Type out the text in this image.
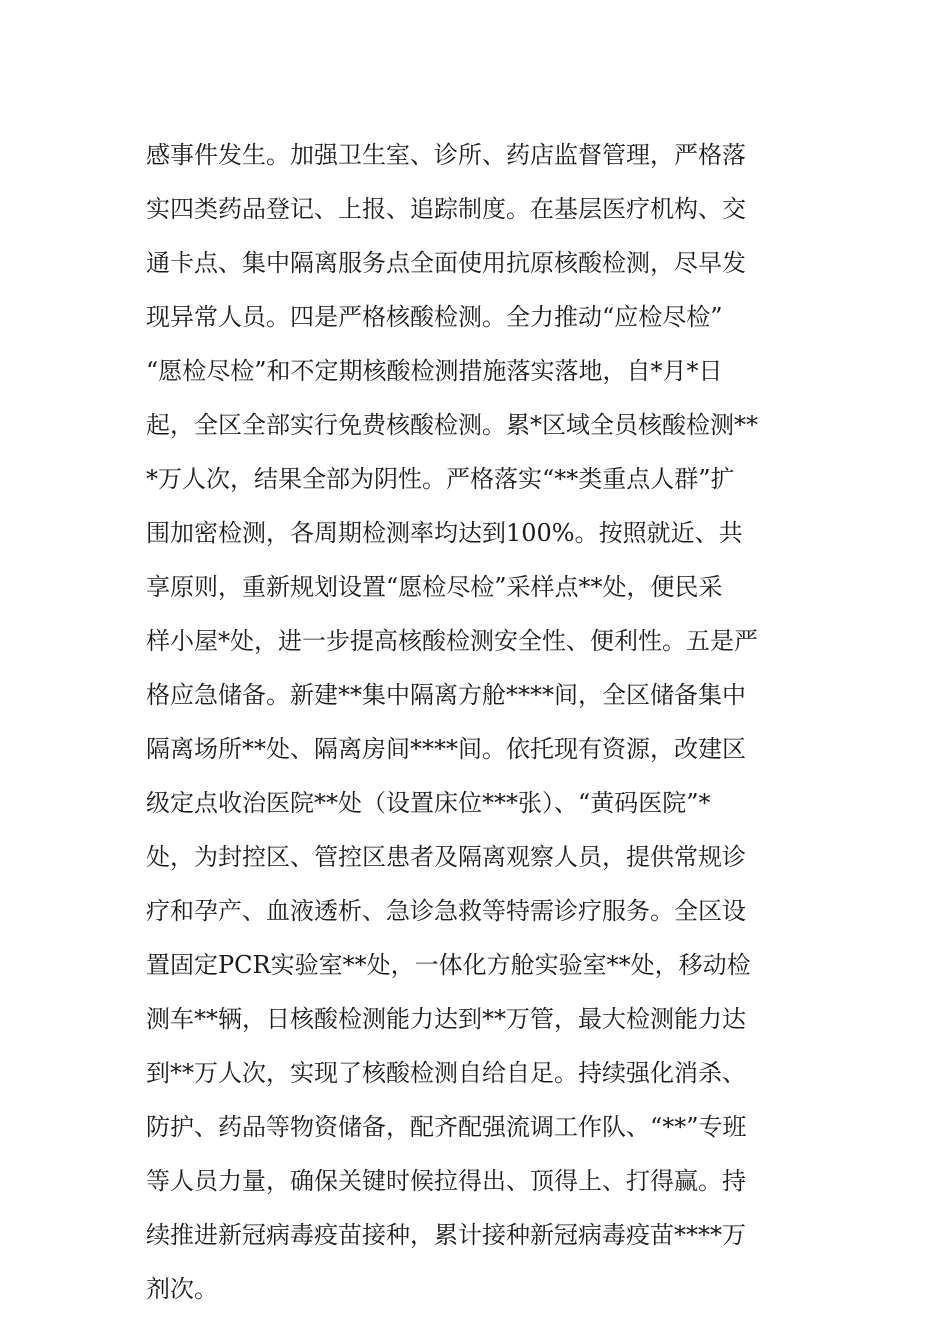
感事件发生。加强卫生室、诊所、药店监督管理，严格落
实四类药品登记、上报、追踪制度。在基层医疗机构、交
通卡点、集中隔离服务点全面使用抗原核酸检测，尽早发
现异常人员。四是严格核酸检测。全力推动“应检尽检”
“愿检尽检”和不定期核酸检测措施落实落地，自*月*日
起，全区全部实行免费核酸检测。累*区域全员核酸检测**
*万人次，结果全部为阴性。严格落实“**类重点人群”扩
围加密检测，各周期检测率均达到100%。按照就近、共
享原则，重新规划设置“愿检尽检”采样点**处，便民采
样小屋*处，进一步提高核酸检测安全性、便利性。五是严
格应急储备。新建**集中隔离方舱****间，全区储备集中
隔离场所**处、隔离房间****间。依托现有资源，改建区
级定点收治医院**处（设置床位***张）、“黄码医院”*
处，为封控区、管控区患者及隔离观察人员，提供常规诊
疗和孕产、血液透析、急诊急救等特需诊疗服务。全区设
置固定PCR实验室**处，一体化方舱实验室**处，移动检
测车**辆，日核酸检测能力达到**万管，最大检测能力达
到**万人次，实现了核酸检测自给自足。持续强化消杀、
防护、药品等物资储备，配齐配强流调工作队、“**”专班
等人员力量，确保关键时候拉得出、顶得上、打得赢。持
续推进新冠病毒疫苗接种，累计接种新冠病毒疫苗****万
剂次。
